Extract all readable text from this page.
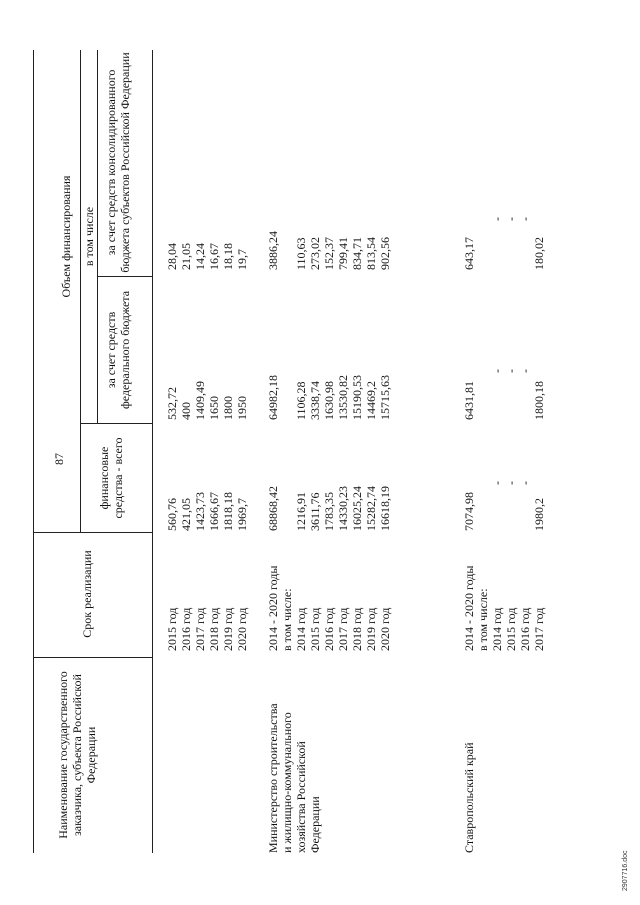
87
Наименование государственного заказчика, субъекта Российской Федерации
Срок реализации
финансовые средства - всего
Объем финансирования в том числе
за счет средств федерального бюджета
за счет средств консолидированного бюджета субъектов Российской Федерации
2015 год 2016 год 2017 год 2018 год 2019 год 2020 год
560,76 421,05 1423,73 1666,67 1818,18 1969,7
532,72 400 1409,49 1650 1800 1950
28,04 21,05 14,24 16,67 18,18 19,7
Министерство строительства и жилищно-коммунального хозяйства Российской Федерации
2014 - 2020 годы в том числе: 2014 год 2015 год 2016 год 2017 год 2018 год 2019 год 2020 год
68868,42 1216,91 3611,76 1783,35 14330,23 16025,24 15282,74 16618,19
64982,18 1106,28 3338,74 1630,98 13530,82 15190,53 14469,2 15715,63
3886,24 110,63 273,02 152,37 799,41 834,71 813,54 902,56
Ставропольский край
2014 - 2020 годы в том числе: 2014 год 2015 год 2016 год 2017 год
7074,98
- - -
1980,2
6431,81
- - -
1800,18
643,17
- - -
180,02
2907716.doc
